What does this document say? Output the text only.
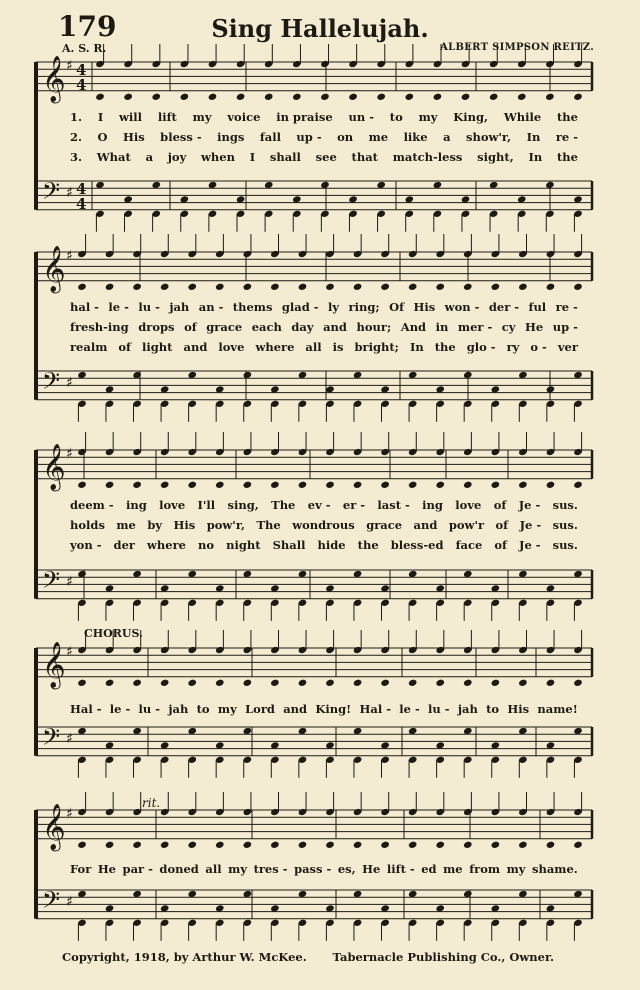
179	Sing Hallelujah.
A. S. R.	ALBERT SIMPSON REITZ.
𝄞 ♯
𝄢 ♯
4
4
4
4
𝄞 ♯
𝄢 ♯
𝄞 ♯
𝄢 ♯
𝄞 ♯
𝄢 ♯
𝄞 ♯
𝄢 ♯
1. I will lift my voice in praise un - to my King, While the
2. O His bless - ings fall up - on me like a show'r, In re -
3. What a joy when I shall see that match-less sight, In the
hal - le - lu - jah an - thems glad - ly ring; Of His won - der - ful re -
fresh-ing drops of grace each day and hour; And in mer - cy He up -
realm of light and love where all is bright; In the glo - ry o - ver
deem - ing love I'll sing, The ev - er - last - ing love of Je - sus.
holds me by His pow'r, The wondrous grace and pow'r of Je - sus.
yon - der where no night Shall hide the bless-ed face of Je - sus.
CHORUS.
Hal - le - lu - jah to my Lord and King! Hal - le - lu - jah to His name!
rit.
For He par - doned all my tres - pass - es, He lift - ed me from my shame.
Copyright, 1918, by Arthur W. McKee. Tabernacle Publishing Co., Owner.
